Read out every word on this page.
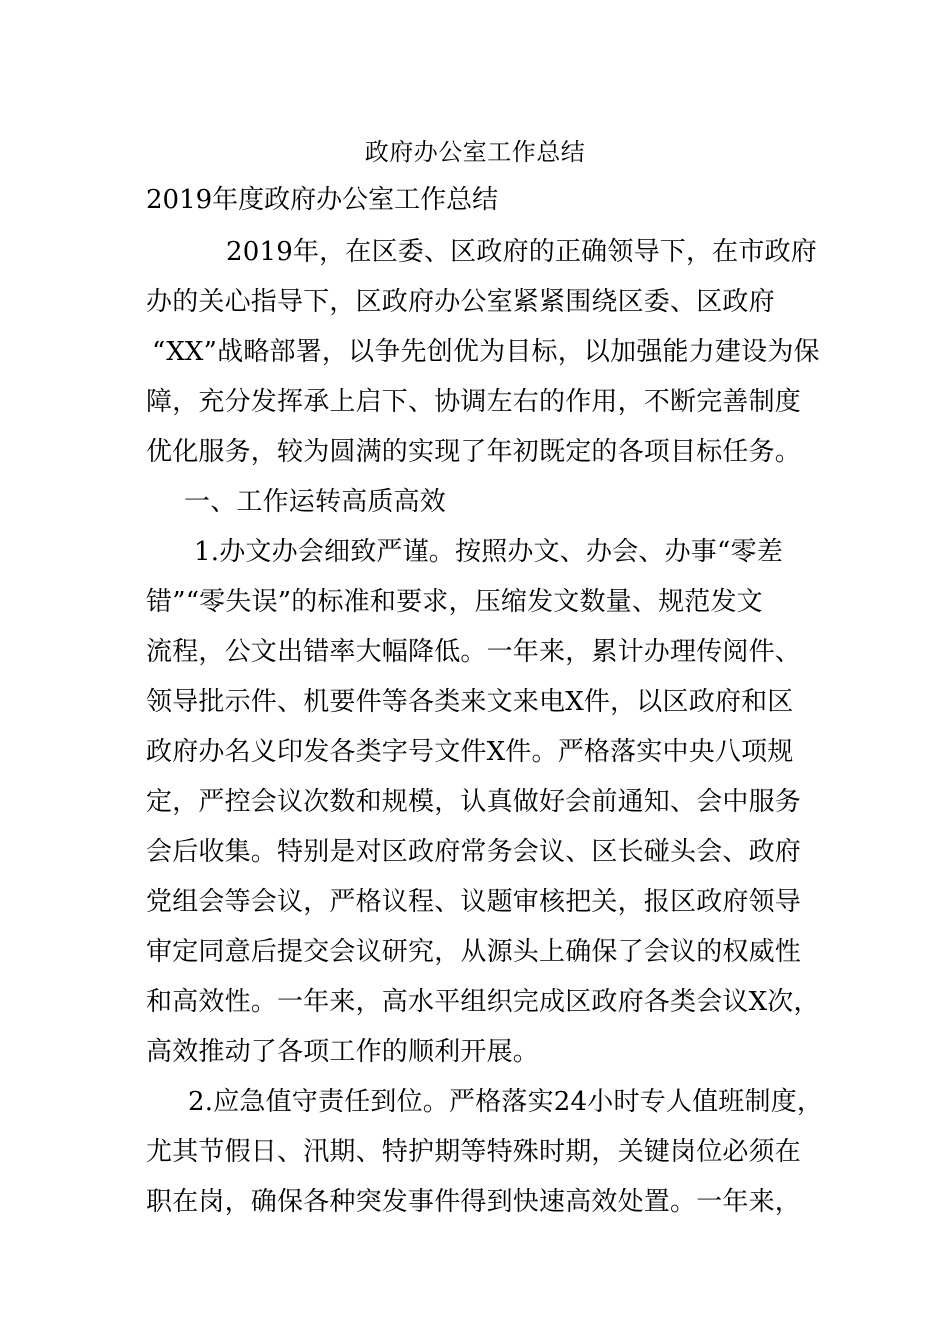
政府办公室工作总结
2019年度政府办公室工作总结
2019年，在区委、区政府的正确领导下，在市政府
办的关心指导下，区政府办公室紧紧围绕区委、区政府
“XX”战略部署，以争先创优为目标，以加强能力建设为保
障，充分发挥承上启下、协调左右的作用，不断完善制度
优化服务，较为圆满的实现了年初既定的各项目标任务。
一、工作运转高质高效
1.办文办会细致严谨。按照办文、办会、办事“零差
错”“零失误”的标准和要求，压缩发文数量、规范发文
流程，公文出错率大幅降低。一年来，累计办理传阅件、
领导批示件、机要件等各类来文来电X件，以区政府和区
政府办名义印发各类字号文件X件。严格落实中央八项规
定，严控会议次数和规模，认真做好会前通知、会中服务
会后收集。特别是对区政府常务会议、区长碰头会、政府
党组会等会议，严格议程、议题审核把关，报区政府领导
审定同意后提交会议研究，从源头上确保了会议的权威性
和高效性。一年来，高水平组织完成区政府各类会议X次，
高效推动了各项工作的顺利开展。
2.应急值守责任到位。严格落实24小时专人值班制度，
尤其节假日、汛期、特护期等特殊时期，关键岗位必须在
职在岗，确保各种突发事件得到快速高效处置。一年来，
